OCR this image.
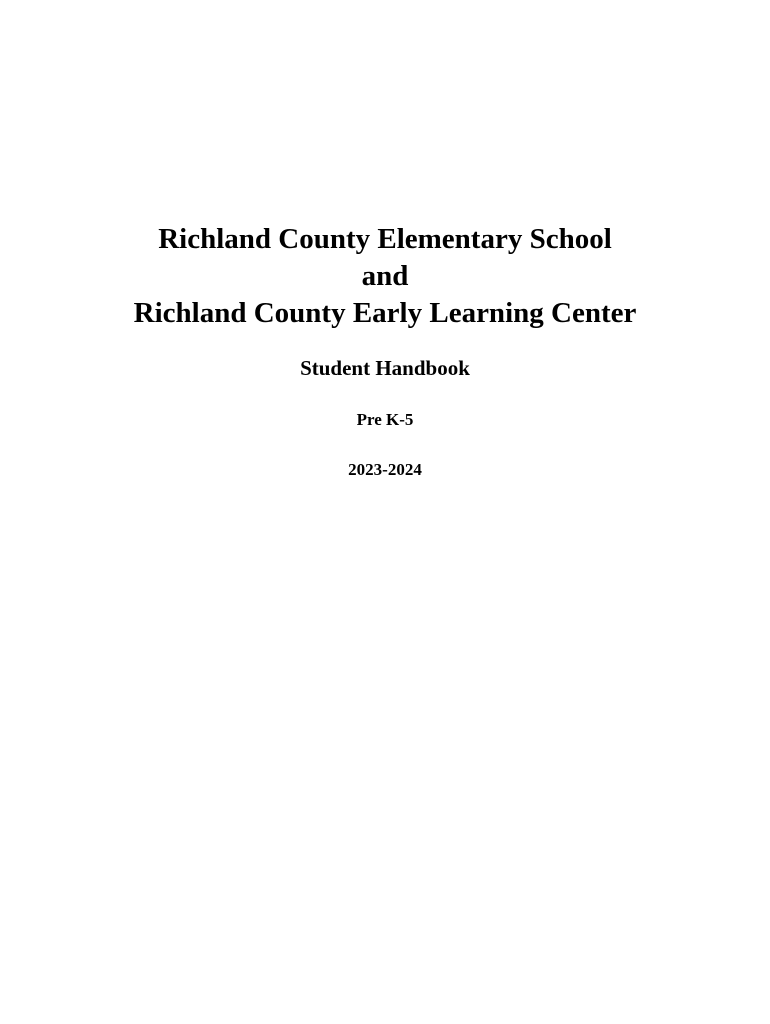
Richland County Elementary School
and
Richland County Early Learning Center
Student Handbook
Pre K-5
2023-2024
